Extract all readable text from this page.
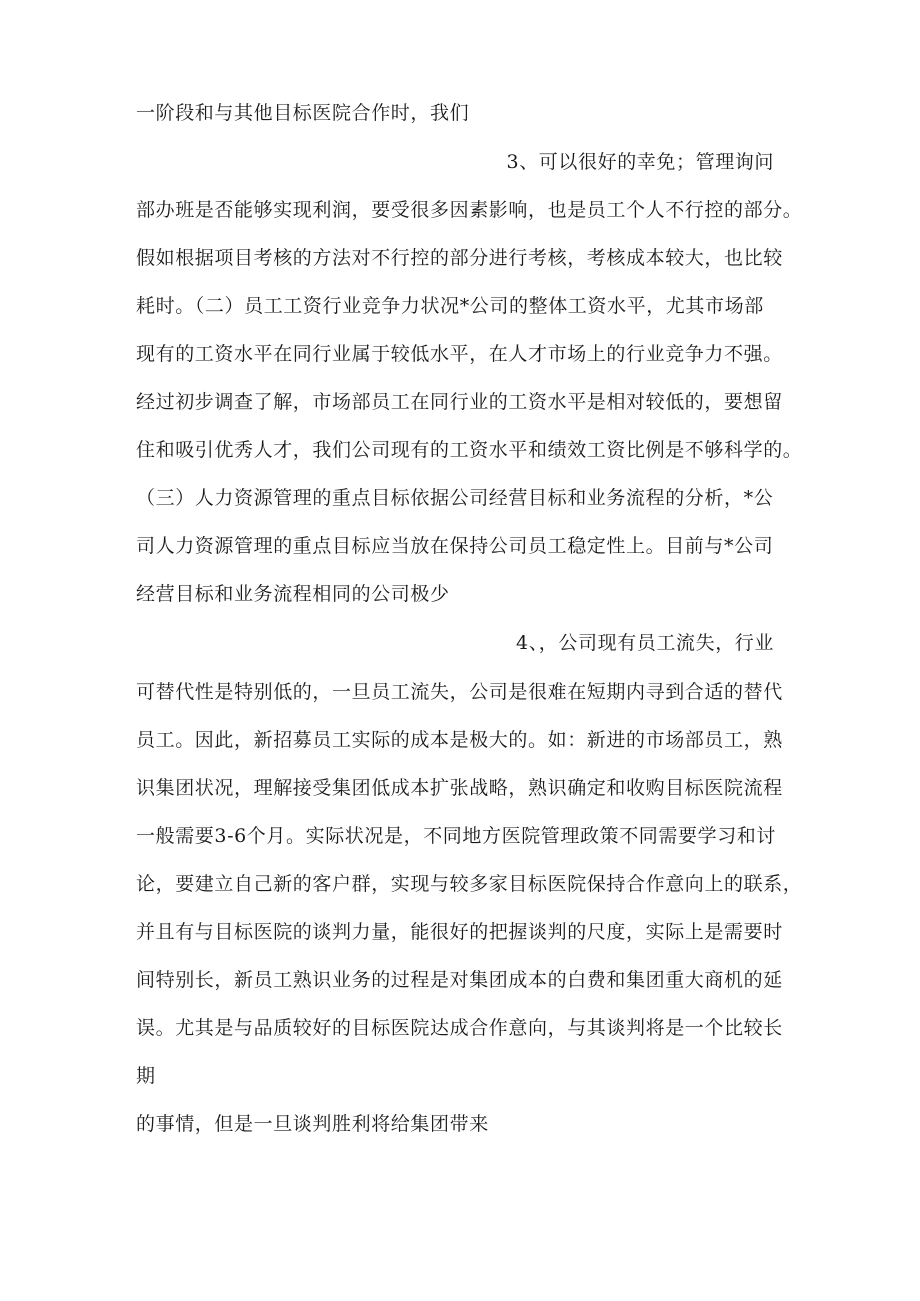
一阶段和与其他目标医院合作时，我们
3、可以很好的幸免；管理询问
部办班是否能够实现利润，要受很多因素影响，也是员工个人不行控的部分。
假如根据项目考核的方法对不行控的部分进行考核，考核成本较大，也比较
耗时。（二）员工工资行业竞争力状况*公司的整体工资水平，尤其市场部
现有的工资水平在同行业属于较低水平，在人才市场上的行业竞争力不强。
经过初步调查了解，市场部员工在同行业的工资水平是相对较低的，要想留
住和吸引优秀人才，我们公司现有的工资水平和绩效工资比例是不够科学的。
（三）人力资源管理的重点目标依据公司经营目标和业务流程的分析，*公
司人力资源管理的重点目标应当放在保持公司员工稳定性上。目前与*公司
经营目标和业务流程相同的公司极少
4、，公司现有员工流失，行业
可替代性是特别低的，一旦员工流失，公司是很难在短期内寻到合适的替代
员工。因此，新招募员工实际的成本是极大的。如：新进的市场部员工，熟
识集团状况，理解接受集团低成本扩张战略，熟识确定和收购目标医院流程
一般需要3-6个月。实际状况是，不同地方医院管理政策不同需要学习和讨
论，要建立自己新的客户群，实现与较多家目标医院保持合作意向上的联系，
并且有与目标医院的谈判力量，能很好的把握谈判的尺度，实际上是需要时
间特别长，新员工熟识业务的过程是对集团成本的白费和集团重大商机的延
误。尤其是与品质较好的目标医院达成合作意向，与其谈判将是一个比较长
期
的事情，但是一旦谈判胜利将给集团带来
